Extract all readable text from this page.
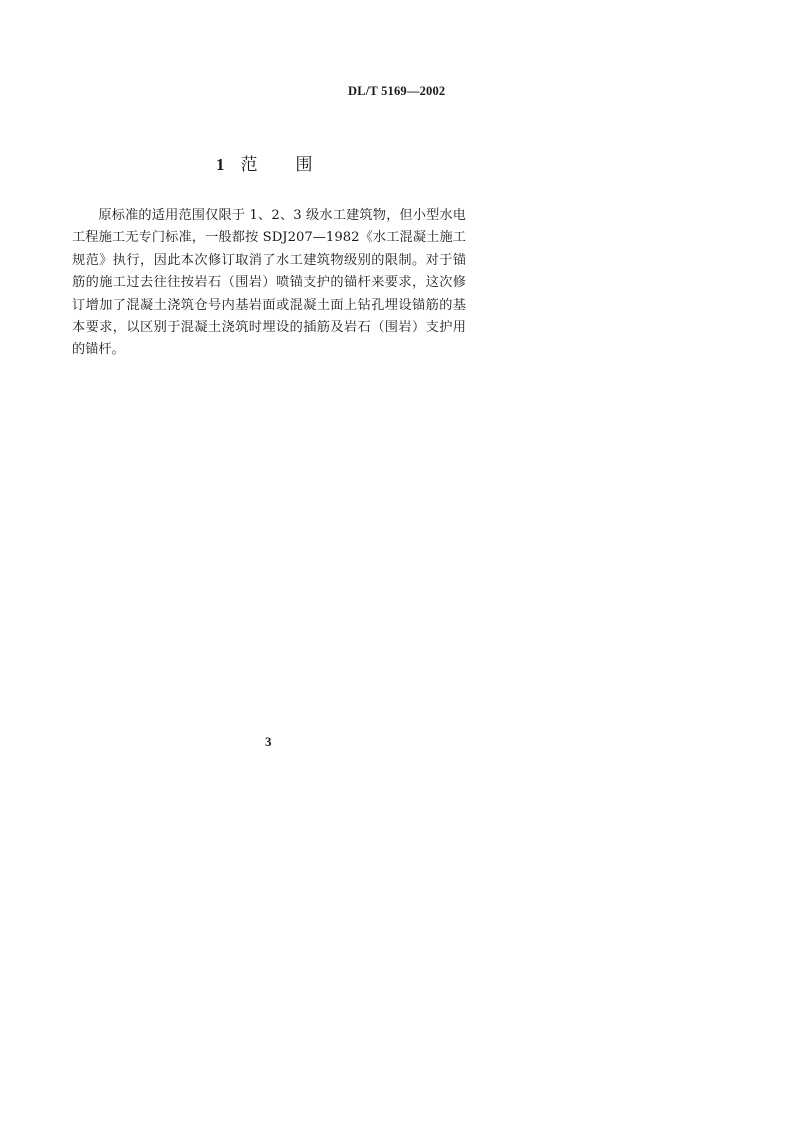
DL/T 5169—2002
1 范围

原标准的适用范围仅限于 1、2、3 级水工建筑物，但小型水电工程施工无专门标准，一般都按 SDJ207—1982《水工混凝土施工规范》执行，因此本次修订取消了水工建筑物级别的限制。对于锚筋的施工过去往往按岩石（围岩）喷锚支护的锚杆来要求，这次修订增加了混凝土浇筑仓号内基岩面或混凝土面上钻孔埋设锚筋的基本要求，以区别于混凝土浇筑时埋设的插筋及岩石（围岩）支护用的锚杆。

3
